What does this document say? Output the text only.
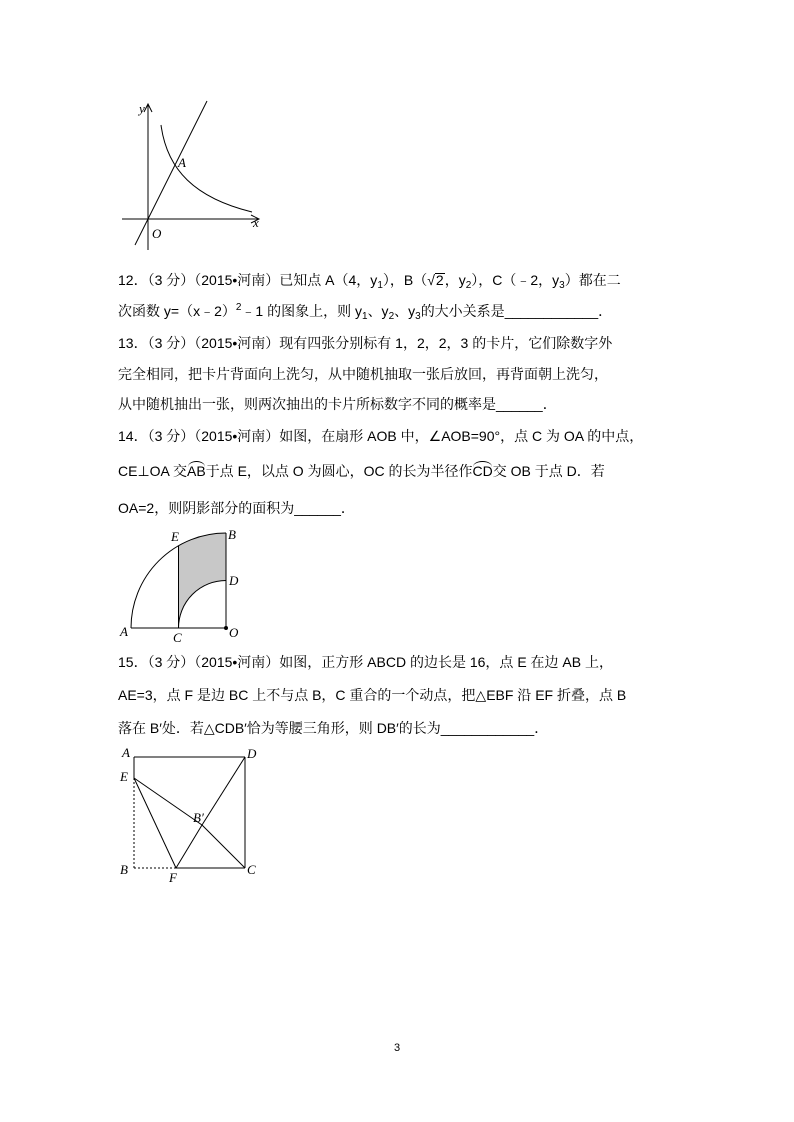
y
x
O
A
12．（3 分）（2015•河南）已知点 A（4，$y_1$），B（√2，$y_2$），C（﹣2，$y_3$）都在二
次函数 y=（x﹣2）$^2$﹣1 的图象上，则 $y_1$、$y_2$、$y_3$的大小关系是____________．
13．（3 分）（2015•河南）现有四张分别标有 1，2，2，3 的卡片，它们除数字外
完全相同，把卡片背面向上洗匀，从中随机抽取一张后放回，再背面朝上洗匀，
从中随机抽出一张，则两次抽出的卡片所标数字不同的概率是______．
14．（3 分）（2015•河南）如图，在扇形 AOB 中，∠AOB=90°，点 C 为 OA 的中点，
CE⊥OA 交AB于点 E，以点 O 为圆心，OC 的长为半径作CD交 OB 于点 D．若
OA=2，则阴影部分的面积为______．
E	B
D
A	C	O
15．（3 分）（2015•河南）如图，正方形 ABCD 的边长是 16，点 E 在边 AB 上，
AE=3，点 F 是边 BC 上不与点 B，C 重合的一个动点，把△EBF 沿 EF 折叠，点 B
落在 B′处．若△CDB′恰为等腰三角形，则 DB′的长为____________．
A	D
E
B′
B
F
C
3
